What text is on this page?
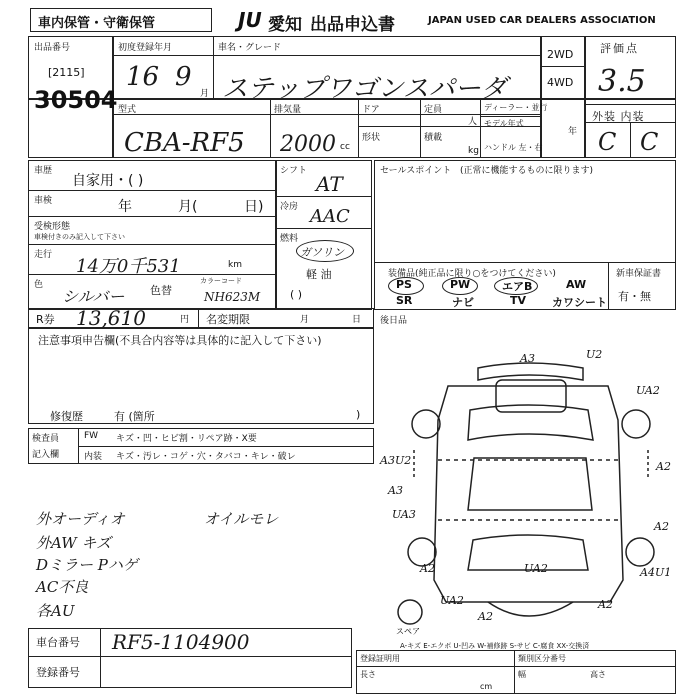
車内保管・守衛保管	JU 愛知 出品申込書	JAPAN USED CAR DEALERS ASSOCIATION
出品番号
[2115]
30504
初度登録年月
16 9
月
車名・グレード
ステップワゴンスパーダ
2WD
4WD
評価点
3.5
外装 内装
C C
型式
CBA-RF5
排気量
2000 cc
ドア	定員
人
形状	積載
kg
ディーラー・並行
モデル年式
年
ハンドル 左・右
車歴
自家用・( )
車検	年	月(	日)
受検形態
車検付きのみ記入して下さい
走行
14万0千531	km
色
シルバー 色替
カラーコード
NH623M
シフト
AT
冷房 AAC
燃料
ガソリン
軽 油
( )
セールスポイント (正常に機能するものに限ります)
装備品(純正品に限り○をつけてください)	新車保証書
有・無
PS	PW	エアB	AW
SR	ナビ	TV カワシート
R券 13,610	円 名変期限	月	日
注意事項申告欄(不具合内容等は具体的に記入して下さい)
修復歴	有 (箇所	)
後日品
検査員
記入欄
FW キズ・凹・ヒビ割・リペア跡・X要
内装 キズ・汚レ・コゲ・穴・タバコ・キレ・破レ
外オーディオ	オイルモレ
外AW キズ
Dミラー Pハゲ
AC不良
各AU
車台番号 RF5-1104900
登録番号
A3	U2
UA2
A3U2
A3
UA3
A2
A2
UA2	A4U1
A2
UA2
A2
A2
スペア
A-キズ E-エクボ U-凹み W-補修跡 S-サビ C-腐食 XX-交換済
登録証明用	類別区分番号
長さ	幅	高さ
cm
